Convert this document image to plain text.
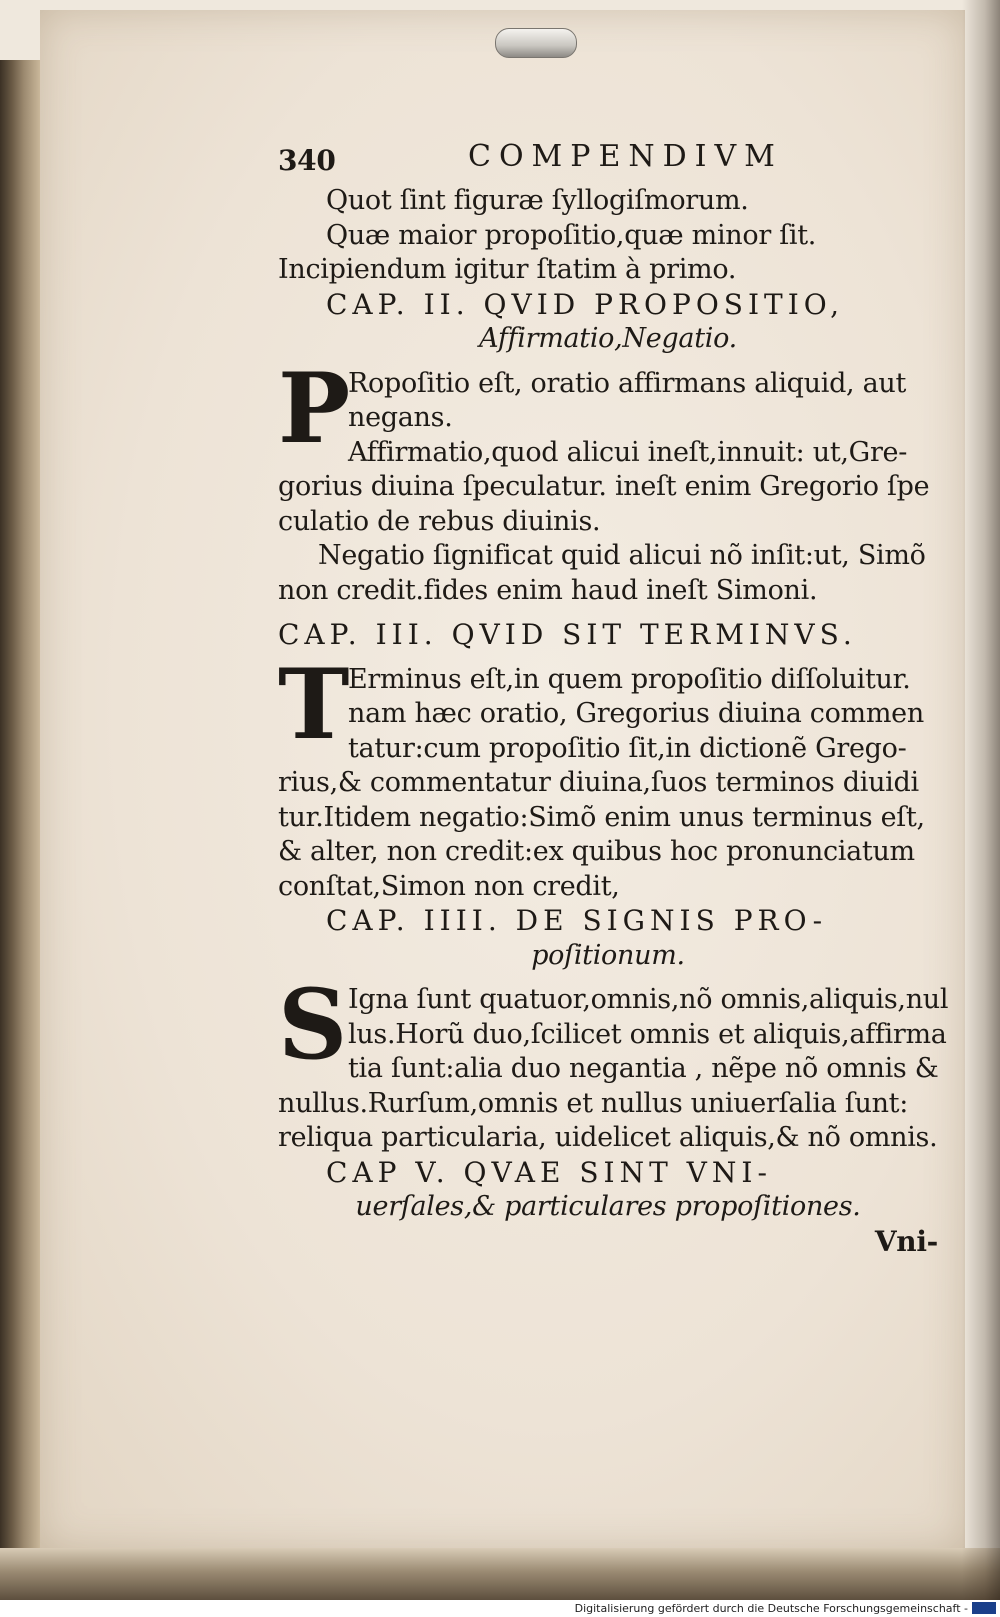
340	COMPENDIVM
Quot ſint figuræ ſyllogiſmorum.
Quæ maior propoſitio,quæ minor ſit.
Incipiendum igitur ſtatim à primo.
CAP. II. QVID PROPOSITIO,
Affirmatio,Negatio.
P
Ropoſitio eſt, oratio affirmans aliquid, aut
negans.
Affirmatio,quod alicui ineſt,innuit: ut,Gre-
gorius diuina ſpeculatur. ineſt enim Gregorio ſpe
culatio de rebus diuinis.
Negatio ſignificat quid alicui nõ inſit:ut, Simõ
non credit.fides enim haud ineſt Simoni.
CAP. III. QVID SIT TERMINVS.
T
Erminus eſt,in quem propoſitio diſſoluitur.
nam hæc oratio, Gregorius diuina commen
tatur:cum propoſitio ſit,in dictionẽ Grego-
rius,& commentatur diuina,ſuos terminos diuidi
tur.Itidem negatio:Simõ enim unus terminus eſt,
& alter, non credit:ex quibus hoc pronunciatum
conſtat,Simon non credit,
CAP. IIII. DE SIGNIS PRO-
poſitionum.
S Igna ſunt quatuor,omnis,nõ omnis,aliquis,nul
lus.Horũ duo,ſcilicet omnis et aliquis,affirma
tia ſunt:alia duo negantia , nẽpe nõ omnis &
nullus.Rurſum,omnis et nullus uniuerſalia ſunt:
reliqua particularia, uidelicet aliquis,& nõ omnis.
CAP V. QVAE SINT VNI-
uerſales,& particulares propoſitiones.
Vni-
Digitalisierung gefördert durch die Deutsche Forschungsgemeinschaft -
